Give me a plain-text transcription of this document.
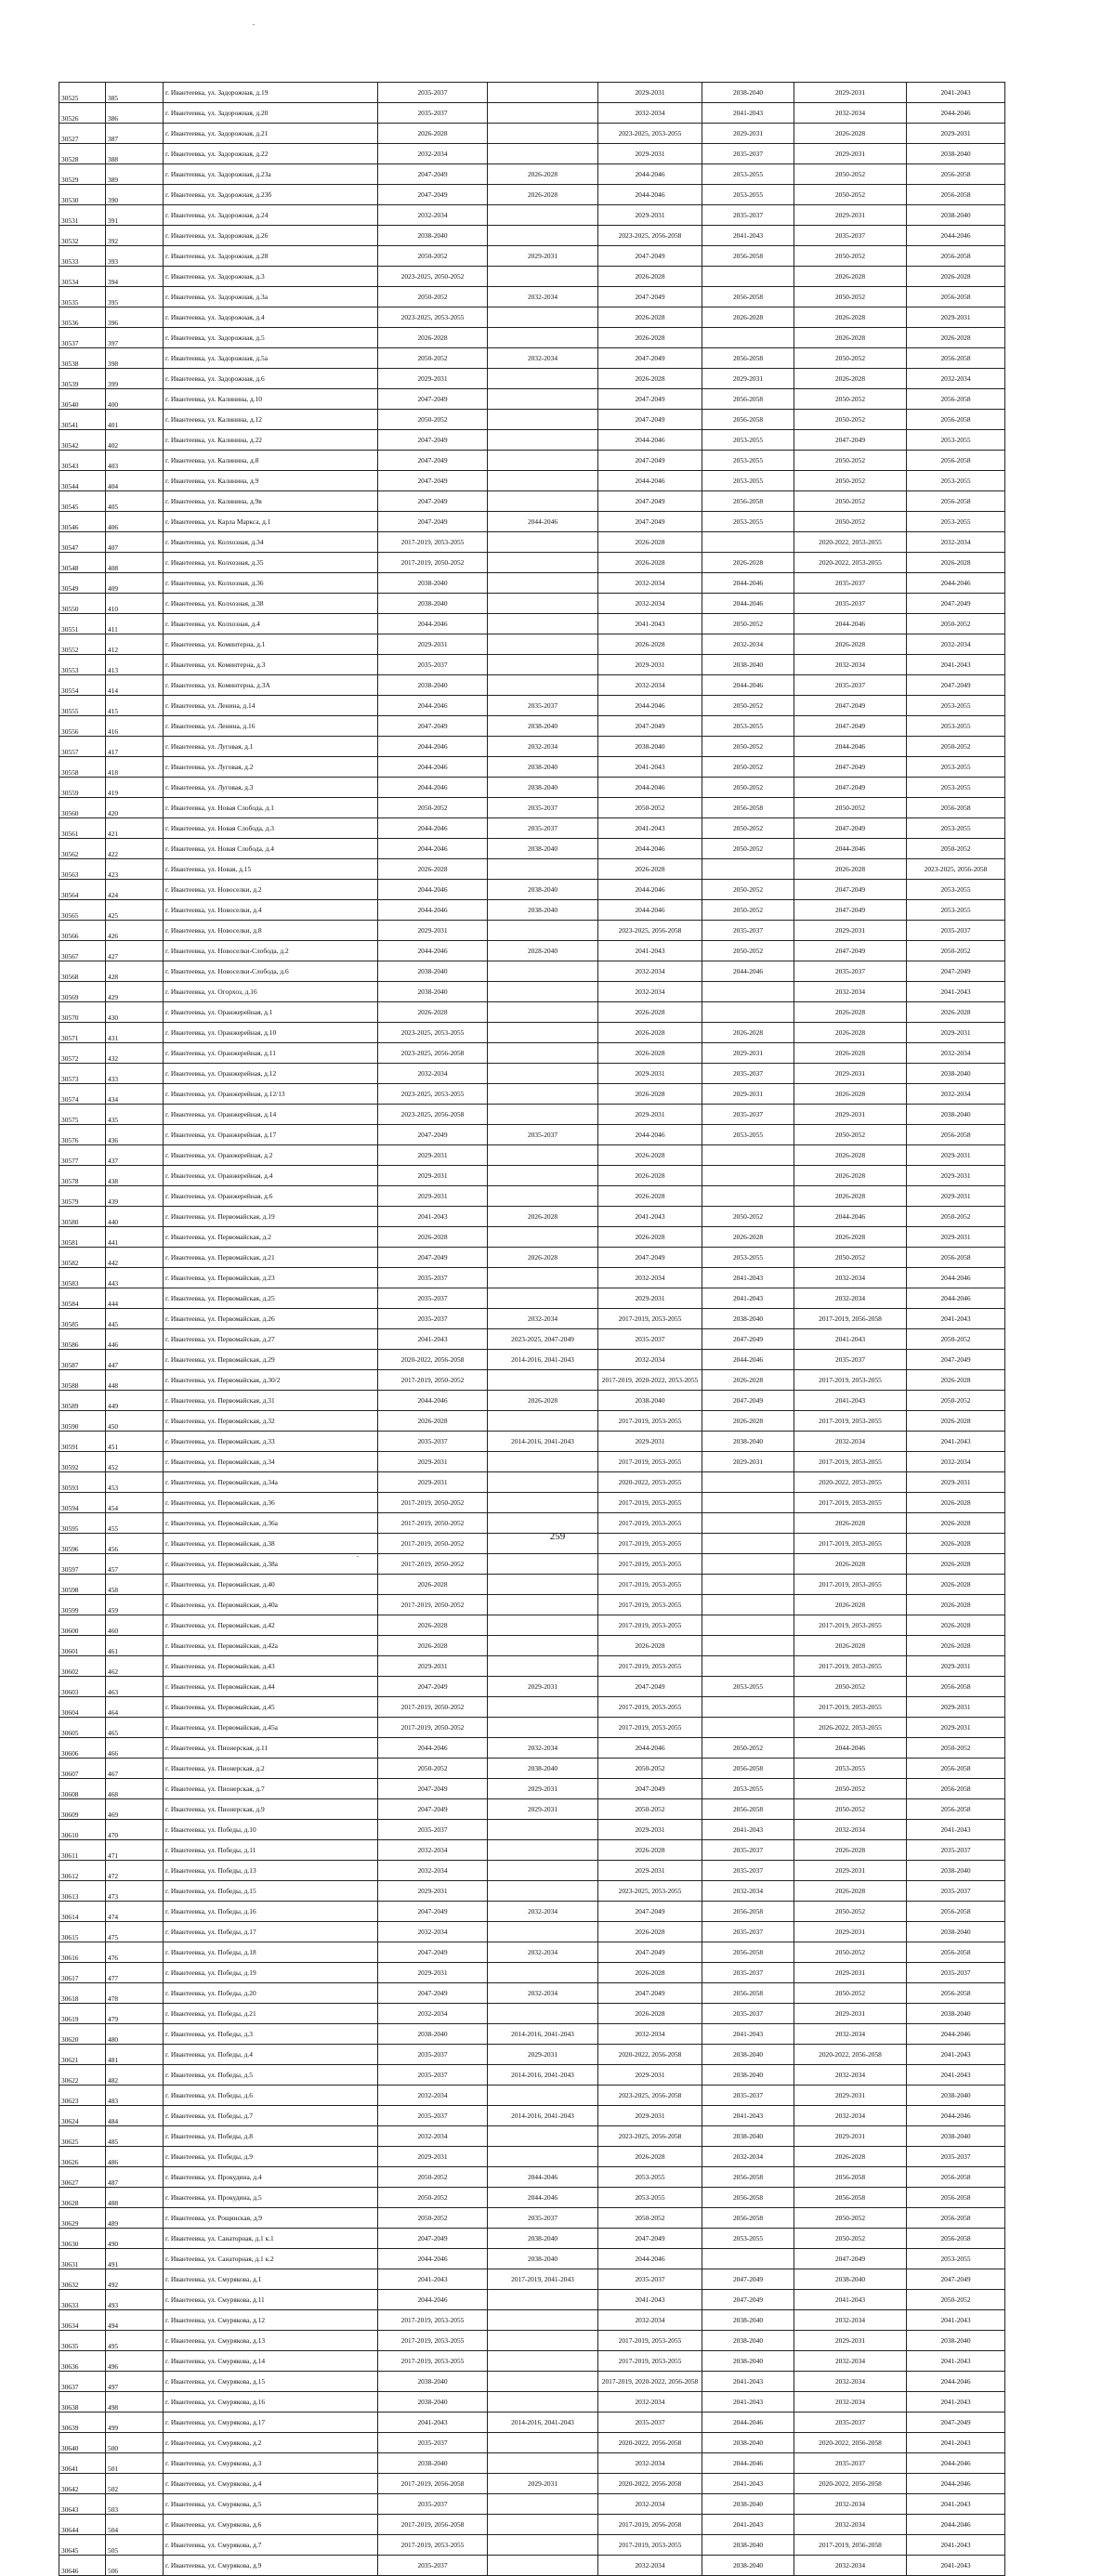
30525	385	г. Ивантеевка, ул. Задорожная, д.19	2035-2037		2029-2031	2038-2040	2029-2031	2041-2043
30526	386	г. Ивантеевка, ул. Задорожная, д.20	2035-2037		2032-2034	2041-2043	2032-2034	2044-2046
30527	387	г. Ивантеевка, ул. Задорожная, д.21	2026-2028		2023-2025, 2053-2055	2029-2031	2026-2028	2029-2031
30528	388	г. Ивантеевка, ул. Задорожная, д.22	2032-2034		2029-2031	2035-2037	2029-2031	2038-2040
30529	389	г. Ивантеевка, ул. Задорожная, д.23а	2047-2049	2026-2028	2044-2046	2053-2055	2050-2052	2056-2058
30530	390	г. Ивантеевка, ул. Задорожная, д.23б	2047-2049	2026-2028	2044-2046	2053-2055	2050-2052	2056-2058
30531	391	г. Ивантеевка, ул. Задорожная, д.24	2032-2034		2029-2031	2035-2037	2029-2031	2038-2040
30532	392	г. Ивантеевка, ул. Задорожная, д.26	2038-2040		2023-2025, 2056-2058	2041-2043	2035-2037	2044-2046
30533	393	г. Ивантеевка, ул. Задорожная, д.28	2050-2052	2029-2031	2047-2049	2056-2058	2050-2052	2056-2058
30534	394	г. Ивантеевка, ул. Задорожная, д.3	2023-2025, 2050-2052		2026-2028		2026-2028	2026-2028
30535	395	г. Ивантеевка, ул. Задорожная, д.3а	2050-2052	2032-2034	2047-2049	2056-2058	2050-2052	2056-2058
30536	396	г. Ивантеевка, ул. Задорожная, д.4	2023-2025, 2053-2055		2026-2028	2026-2028	2026-2028	2029-2031
30537	397	г. Ивантеевка, ул. Задорожная, д.5	2026-2028		2026-2028		2026-2028	2026-2028
30538	398	г. Ивантеевка, ул. Задорожная, д.5а	2050-2052	2032-2034	2047-2049	2056-2058	2050-2052	2056-2058
30539	399	г. Ивантеевка, ул. Задорожная, д.6	2029-2031		2026-2028	2029-2031	2026-2028	2032-2034
30540	400	г. Ивантеевка, ул. Калинина, д.10	2047-2049		2047-2049	2056-2058	2050-2052	2056-2058
30541	401	г. Ивантеевка, ул. Калинина, д.12	2050-2052		2047-2049	2056-2058	2050-2052	2056-2058
30542	402	г. Ивантеевка, ул. Калинина, д.22	2047-2049		2044-2046	2053-2055	2047-2049	2053-2055
30543	403	г. Ивантеевка, ул. Калинина, д.8	2047-2049		2047-2049	2053-2055	2050-2052	2056-2058
30544	404	г. Ивантеевка, ул. Калинина, д.9	2047-2049		2044-2046	2053-2055	2050-2052	2053-2055
30545	405	г. Ивантеевка, ул. Калинина, д.9в	2047-2049		2047-2049	2056-2058	2050-2052	2056-2058
30546	406	г. Ивантеевка, ул. Карла Маркса, д.1	2047-2049	2044-2046	2047-2049	2053-2055	2050-2052	2053-2055
30547	407	г. Ивантеевка, ул. Колхозная, д.34	2017-2019, 2053-2055		2026-2028		2020-2022, 2053-2055	2032-2034
30548	408	г. Ивантеевка, ул. Колхозная, д.35	2017-2019, 2050-2052		2026-2028	2026-2028	2020-2022, 2053-2055	2026-2028
30549	409	г. Ивантеевка, ул. Колхозная, д.36	2038-2040		2032-2034	2044-2046	2035-2037	2044-2046
30550	410	г. Ивантеевка, ул. Колхозная, д.38	2038-2040		2032-2034	2044-2046	2035-2037	2047-2049
30551	411	г. Ивантеевка, ул. Колхозная, д.4	2044-2046		2041-2043	2050-2052	2044-2046	2050-2052
30552	412	г. Ивантеевка, ул. Коминтерна, д.1	2029-2031		2026-2028	2032-2034	2026-2028	2032-2034
30553	413	г. Ивантеевка, ул. Коминтерна, д.3	2035-2037		2029-2031	2038-2040	2032-2034	2041-2043
30554	414	г. Ивантеевка, ул. Коминтерна, д.3А	2038-2040		2032-2034	2044-2046	2035-2037	2047-2049
30555	415	г. Ивантеевка, ул. Ленина, д.14	2044-2046	2035-2037	2044-2046	2050-2052	2047-2049	2053-2055
30556	416	г. Ивантеевка, ул. Ленина, д.16	2047-2049	2038-2040	2047-2049	2053-2055	2047-2049	2053-2055
30557	417	г. Ивантеевка, ул. Луговая, д.1	2044-2046	2032-2034	2038-2040	2050-2052	2044-2046	2050-2052
30558	418	г. Ивантеевка, ул. Луговая, д.2	2044-2046	2038-2040	2041-2043	2050-2052	2047-2049	2053-2055
30559	419	г. Ивантеевка, ул. Луговая, д.3	2044-2046	2038-2040	2044-2046	2050-2052	2047-2049	2053-2055
30560	420	г. Ивантеевка, ул. Новая Слобода, д.1	2050-2052	2035-2037	2050-2052	2056-2058	2050-2052	2056-2058
30561	421	г. Ивантеевка, ул. Новая Слобода, д.3	2044-2046	2035-2037	2041-2043	2050-2052	2047-2049	2053-2055
30562	422	г. Ивантеевка, ул. Новая Слобода, д.4	2044-2046	2038-2040	2044-2046	2050-2052	2044-2046	2050-2052
30563	423	г. Ивантеевка, ул. Новая, д.15	2026-2028		2026-2028		2026-2028	2023-2025, 2056-2058
30564	424	г. Ивантеевка, ул. Новоселки, д.2	2044-2046	2038-2040	2044-2046	2050-2052	2047-2049	2053-2055
30565	425	г. Ивантеевка, ул. Новоселки, д.4	2044-2046	2038-2040	2044-2046	2050-2052	2047-2049	2053-2055
30566	426	г. Ивантеевка, ул. Новоселки, д.8	2029-2031		2023-2025, 2056-2058	2035-2037	2029-2031	2035-2037
30567	427	г. Ивантеевка, ул. Новоселки-Слобода, д.2	2044-2046	2028-2040	2041-2043	2050-2052	2047-2049	2050-2052
30568	428	г. Ивантеевка, ул. Новоселки-Слобода, д.6	2038-2040		2032-2034	2044-2046	2035-2037	2047-2049
30569	429	г. Ивантеевка, ул. Огорхоз, д.16	2038-2040		2032-2034		2032-2034	2041-2043
30570	430	г. Ивантеевка, ул. Оранжерейная, д.1	2026-2028		2026-2028		2026-2028	2026-2028
30571	431	г. Ивантеевка, ул. Оранжерейная, д.10	2023-2025, 2053-2055		2026-2028	2026-2028	2026-2028	2029-2031
30572	432	г. Ивантеевка, ул. Оранжерейная, д.11	2023-2025, 2056-2058		2026-2028	2029-2031	2026-2028	2032-2034
30573	433	г. Ивантеевка, ул. Оранжерейная, д.12	2032-2034		2029-2031	2035-2037	2029-2031	2038-2040
30574	434	г. Ивантеевка, ул. Оранжерейная, д.12/13	2023-2025, 2053-2055		2026-2028	2029-2031	2026-2028	2032-2034
30575	435	г. Ивантеевка, ул. Оранжерейная, д.14	2023-2025, 2056-2058		2029-2031	2035-2037	2029-2031	2038-2040
30576	436	г. Ивантеевка, ул. Оранжерейная, д.17	2047-2049	2035-2037	2044-2046	2053-2055	2050-2052	2056-2058
30577	437	г. Ивантеевка, ул. Оранжерейная, д.2	2029-2031		2026-2028		2026-2028	2029-2031
30578	438	г. Ивантеевка, ул. Оранжерейная, д.4	2029-2031		2026-2028		2026-2028	2029-2031
30579	439	г. Ивантеевка, ул. Оранжерейная, д.6	2029-2031		2026-2028		2026-2028	2029-2031
30580	440	г. Ивантеевка, ул. Первомайская, д.19	2041-2043	2026-2028	2041-2043	2050-2052	2044-2046	2050-2052
30581	441	г. Ивантеевка, ул. Первомайская, д.2	2026-2028		2026-2028	2026-2028	2026-2028	2029-2031
30582	442	г. Ивантеевка, ул. Первомайская, д.21	2047-2049	2026-2028	2047-2049	2053-2055	2050-2052	2056-2058
30583	443	г. Ивантеевка, ул. Первомайская, д.23	2035-2037		2032-2034	2041-2043	2032-2034	2044-2046
30584	444	г. Ивантеевка, ул. Первомайская, д.25	2035-2037		2029-2031	2041-2043	2032-2034	2044-2046
30585	445	г. Ивантеевка, ул. Первомайская, д.26	2035-2037	2032-2034	2017-2019, 2053-2055	2038-2040	2017-2019, 2056-2058	2041-2043
30586	446	г. Ивантеевка, ул. Первомайская, д.27	2041-2043	2023-2025, 2047-2049	2035-2037	2047-2049	2041-2043	2050-2052
30587	447	г. Ивантеевка, ул. Первомайская, д.29	2020-2022, 2056-2058	2014-2016, 2041-2043	2032-2034	2044-2046	2035-2037	2047-2049
30588	448	г. Ивантеевка, ул. Первомайская, д.30/2	2017-2019, 2050-2052		2017-2019, 2020-2022, 2053-2055	2026-2028	2017-2019, 2053-2055	2026-2028
30589	449	г. Ивантеевка, ул. Первомайская, д.31	2044-2046	2026-2028	2038-2040	2047-2049	2041-2043	2050-2052
30590	450	г. Ивантеевка, ул. Первомайская, д.32	2026-2028		2017-2019, 2053-2055	2026-2028	2017-2019, 2053-2055	2026-2028
30591	451	г. Ивантеевка, ул. Первомайская, д.33	2035-2037	2014-2016, 2041-2043	2029-2031	2038-2040	2032-2034	2041-2043
30592	452	г. Ивантеевка, ул. Первомайская, д.34	2029-2031		2017-2019, 2053-2055	2029-2031	2017-2019, 2053-2055	2032-2034
30593	453	г. Ивантеевка, ул. Первомайская, д.34а	2029-2031		2020-2022, 2053-2055		2020-2022, 2053-2055	2029-2031
30594	454	г. Ивантеевка, ул. Первомайская, д.36	2017-2019, 2050-2052		2017-2019, 2053-2055		2017-2019, 2053-2055	2026-2028
30595	455	г. Ивантеевка, ул. Первомайская, д.36а	2017-2019, 2050-2052		2017-2019, 2053-2055		2026-2028	2026-2028
30596	456	г. Ивантеевка, ул. Первомайская, д.38	2017-2019, 2050-2052		2017-2019, 2053-2055		2017-2019, 2053-2055	2026-2028
30597	457	г. Ивантеевка, ул. Первомайская, д.38а	2017-2019, 2050-2052		2017-2019, 2053-2055		2026-2028	2026-2028
30598	458	г. Ивантеевка, ул. Первомайская, д.40	2026-2028		2017-2019, 2053-2055		2017-2019, 2053-2055	2026-2028
30599	459	г. Ивантеевка, ул. Первомайская, д.40а	2017-2019, 2050-2052		2017-2019, 2053-2055		2026-2028	2026-2028
30600	460	г. Ивантеевка, ул. Первомайская, д.42	2026-2028		2017-2019, 2053-2055		2017-2019, 2053-2055	2026-2028
30601	461	г. Ивантеевка, ул. Первомайская, д.42а	2026-2028		2026-2028		2026-2028	2026-2028
30602	462	г. Ивантеевка, ул. Первомайская, д.43	2029-2031		2017-2019, 2053-2055		2017-2019, 2053-2055	2029-2031
30603	463	г. Ивантеевка, ул. Первомайская, д.44	2047-2049	2029-2031	2047-2049	2053-2055	2050-2052	2056-2058
30604	464	г. Ивантеевка, ул. Первомайская, д.45	2017-2019, 2050-2052		2017-2019, 2053-2055		2017-2019, 2053-2055	2029-2031
30605	465	г. Ивантеевка, ул. Первомайская, д.45а	2017-2019, 2050-2052		2017-2019, 2053-2055		2026-2022, 2053-2055	2029-2031
30606	466	г. Ивантеевка, ул. Пионерская, д.11	2044-2046	2032-2034	2044-2046	2050-2052	2044-2046	2050-2052
30607	467	г. Ивантеевка, ул. Пионерская, д.2	2050-2052	2038-2040	2050-2052	2056-2058	2053-2055	2056-2058
30608	468	г. Ивантеевка, ул. Пионерская, д.7	2047-2049	2029-2031	2047-2049	2053-2055	2050-2052	2056-2058
30609	469	г. Ивантеевка, ул. Пионерская, д.9	2047-2049	2029-2031	2050-2052	2056-2058	2050-2052	2056-2058
30610	470	г. Ивантеевка, ул. Победы, д.10	2035-2037		2029-2031	2041-2043	2032-2034	2041-2043
30611	471	г. Ивантеевка, ул. Победы, д.11	2032-2034		2026-2028	2035-2037	2026-2028	2035-2037
30612	472	г. Ивантеевка, ул. Победы, д.13	2032-2034		2029-2031	2035-2037	2029-2031	2038-2040
30613	473	г. Ивантеевка, ул. Победы, д.15	2029-2031		2023-2025, 2053-2055	2032-2034	2026-2028	2035-2037
30614	474	г. Ивантеевка, ул. Победы, д.16	2047-2049	2032-2034	2047-2049	2056-2058	2050-2052	2056-2058
30615	475	г. Ивантеевка, ул. Победы, д.17	2032-2034		2026-2028	2035-2037	2029-2031	2038-2040
30616	476	г. Ивантеевка, ул. Победы, д.18	2047-2049	2032-2034	2047-2049	2056-2058	2050-2052	2056-2058
30617	477	г. Ивантеевка, ул. Победы, д.19	2029-2031		2026-2028	2035-2037	2029-2031	2035-2037
30618	478	г. Ивантеевка, ул. Победы, д.20	2047-2049	2032-2034	2047-2049	2056-2058	2050-2052	2056-2058
30619	479	г. Ивантеевка, ул. Победы, д.21	2032-2034		2026-2028	2035-2037	2029-2031	2038-2040
30620	480	г. Ивантеевка, ул. Победы, д.3	2038-2040	2014-2016, 2041-2043	2032-2034	2041-2043	2032-2034	2044-2046
30621	481	г. Ивантеевка, ул. Победы, д.4	2035-2037	2029-2031	2020-2022, 2056-2058	2038-2040	2020-2022, 2056-2058	2041-2043
30622	482	г. Ивантеевка, ул. Победы, д.5	2035-2037	2014-2016, 2041-2043	2029-2031	2038-2040	2032-2034	2041-2043
30623	483	г. Ивантеевка, ул. Победы, д.6	2032-2034		2023-2025, 2056-2058	2035-2037	2029-2031	2038-2040
30624	484	г. Ивантеевка, ул. Победы, д.7	2035-2037	2014-2016, 2041-2043	2029-2031	2041-2043	2032-2034	2044-2046
30625	485	г. Ивантеевка, ул. Победы, д.8	2032-2034		2023-2025, 2056-2058	2038-2040	2029-2031	2038-2040
30626	486	г. Ивантеевка, ул. Победы, д.9	2029-2031		2026-2028	2032-2034	2026-2028	2035-2037
30627	487	г. Ивантеевка, ул. Прокудина, д.4	2050-2052	2044-2046	2053-2055	2056-2058	2056-2058	2056-2058
30628	488	г. Ивантеевка, ул. Прокудина, д.5	2050-2052	2044-2046	2053-2055	2056-2058	2056-2058	2056-2058
30629	489	г. Ивантеевка, ул. Рощинская, д.9	2050-2052	2035-2037	2050-2052	2056-2058	2050-2052	2056-2058
30630	490	г. Ивантеевка, ул. Санаторная, д.1 к.1	2047-2049	2038-2040	2047-2049	2053-2055	2050-2052	2056-2058
30631	491	г. Ивантеевка, ул. Санаторная, д.1 к.2	2044-2046	2038-2040	2044-2046		2047-2049	2053-2055
30632	492	г. Ивантеевка, ул. Смурякова, д.1	2041-2043	2017-2019, 2041-2043	2035-2037	2047-2049	2038-2040	2047-2049
30633	493	г. Ивантеевка, ул. Смурякова, д.11	2044-2046		2041-2043	2047-2049	2041-2043	2050-2052
30634	494	г. Ивантеевка, ул. Смурякова, д.12	2017-2019, 2053-2055		2032-2034	2038-2040	2032-2034	2041-2043
30635	495	г. Ивантеевка, ул. Смурякова, д.13	2017-2019, 2053-2055		2017-2019, 2053-2055	2038-2040	2029-2031	2038-2040
30636	496	г. Ивантеевка, ул. Смурякова, д.14	2017-2019, 2053-2055		2017-2019, 2053-2055	2038-2040	2032-2034	2041-2043
30637	497	г. Ивантеевка, ул. Смурякова, д.15	2038-2040		2017-2019, 2020-2022, 2056-2058	2041-2043	2032-2034	2044-2046
30638	498	г. Ивантеевка, ул. Смурякова, д.16	2038-2040		2032-2034	2041-2043	2032-2034	2041-2043
30639	499	г. Ивантеевка, ул. Смурякова, д.17	2041-2043	2014-2016, 2041-2043	2035-2037	2044-2046	2035-2037	2047-2049
30640	500	г. Ивантеевка, ул. Смурякова, д.2	2035-2037		2020-2022, 2056-2058	2038-2040	2020-2022, 2056-2058	2041-2043
30641	501	г. Ивантеевка, ул. Смурякова, д.3	2038-2040		2032-2034	2044-2046	2035-2037	2044-2046
30642	502	г. Ивантеевка, ул. Смурякова, д.4	2017-2019, 2056-2058	2029-2031	2020-2022, 2056-2058	2041-2043	2020-2022, 2056-2058	2044-2046
30643	503	г. Ивантеевка, ул. Смурякова, д.5	2035-2037		2032-2034	2038-2040	2032-2034	2041-2043
30644	504	г. Ивантеевка, ул. Смурякова, д.6	2017-2019, 2056-2058		2017-2019, 2056-2058	2041-2043	2032-2034	2044-2046
30645	505	г. Ивантеевка, ул. Смурякова, д.7	2017-2019, 2053-2055		2017-2019, 2053-2055	2038-2040	2017-2019, 2056-2058	2041-2043
30646	506	г. Ивантеевка, ул. Смурякова, д.9	2035-2037		2032-2034	2038-2040	2032-2034	2041-2043
259
